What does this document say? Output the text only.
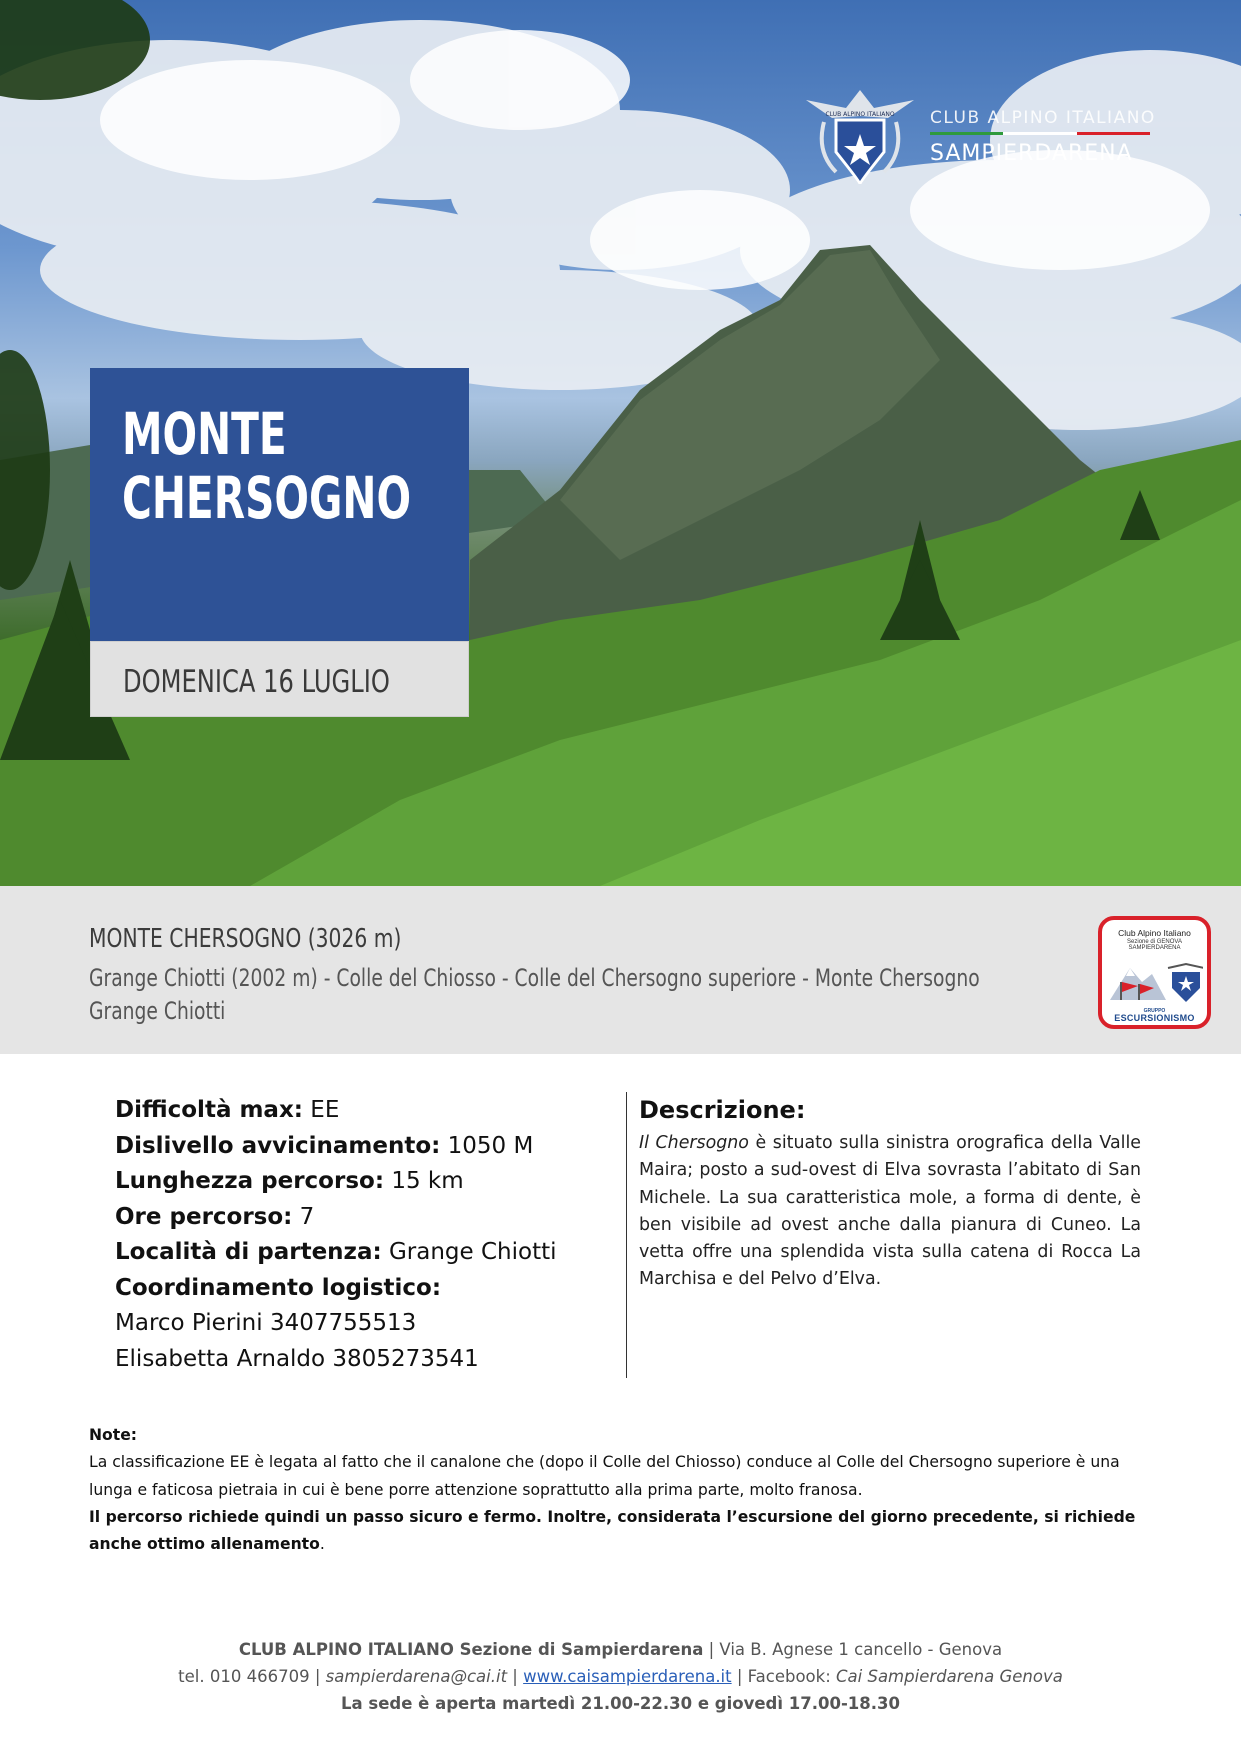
CLUB ALPINO ITALIANO CLUB ALPINO ITALIANO
SAMPIERDARENA
MONTE
CHERSOGNO
DOMENICA 16 LUGLIO
MONTE CHERSOGNO (3026 m)
Grange Chiotti (2002 m) - Colle del Chiosso - Colle del Chersogno superiore - Monte Chersogno
Grange Chiotti
Club Alpino Italiano
Sezione di GENOVA
SAMPIERDARENA
GRUPPO
ESCURSIONISMO
Difficoltà max: EE
Dislivello avvicinamento: 1050 M
Lunghezza percorso: 15 km
Ore percorso: 7
Località di partenza: Grange Chiotti
Coordinamento logistico:
Marco Pierini 3407755513
Elisabetta Arnaldo 3805273541
Descrizione:
Il Chersogno è situato sulla sinistra orografica della Valle Maira; posto a sud-ovest di Elva sovrasta l’abitato di San Michele. La sua caratteristica mole, a forma di dente, è ben visibile ad ovest anche dalla pianura di Cuneo. La vetta offre una splendida vista sulla catena di Rocca La Marchisa e del Pelvo d’Elva.
Note:
La classificazione EE è legata al fatto che il canalone che (dopo il Colle del Chiosso) conduce al Colle del Chersogno superiore è una lunga e faticosa pietraia in cui è bene porre attenzione soprattutto alla prima parte, molto franosa.
Il percorso richiede quindi un passo sicuro e fermo. Inoltre, considerata l’escursione del giorno precedente, si richiede anche ottimo allenamento.
CLUB ALPINO ITALIANO Sezione di Sampierdarena | Via B. Agnese 1 cancello - Genova
tel. 010 466709 | sampierdarena@cai.it | www.caisampierdarena.it | Facebook: Cai Sampierdarena Genova
La sede è aperta martedì 21.00-22.30 e giovedì 17.00-18.30
